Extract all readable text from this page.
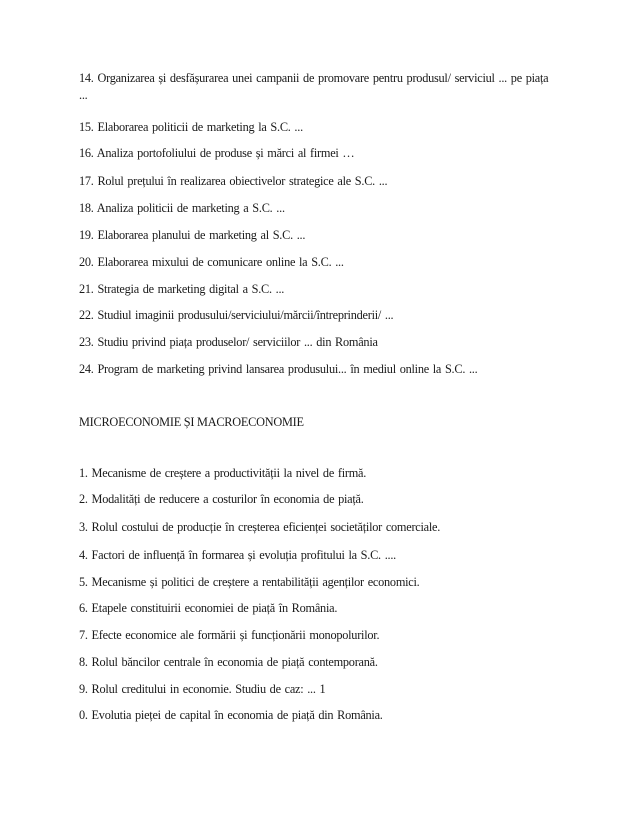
14. Organizarea și desfășurarea unei campanii de promovare pentru produsul/ serviciul ... pe piața ...
15. Elaborarea politicii de marketing la S.C. ...
16. Analiza portofoliului de produse și mărci al firmei …
17. Rolul prețului în realizarea obiectivelor strategice ale S.C. ...
18. Analiza politicii de marketing a S.C. ...
19. Elaborarea planului de marketing al S.C. ...
20. Elaborarea mixului de comunicare online la S.C. ...
21. Strategia de marketing digital a S.C. ...
22. Studiul imaginii produsului/serviciului/mărcii/întreprinderii/ ...
23. Studiu privind piața produselor/ serviciilor ... din România
24. Program de marketing privind lansarea produsului... în mediul online la S.C. ...
MICROECONOMIE ȘI MACROECONOMIE
1. Mecanisme de creștere a productivității la nivel de firmă.
2. Modalități de reducere a costurilor în economia de piață.
3. Rolul costului de producție în creșterea eficienței societăților comerciale.
4. Factori de influență în formarea și evoluția profitului la S.C. ....
5. Mecanisme și politici de creștere a rentabilității agenților economici.
6. Etapele constituirii economiei de piață în România.
7. Efecte economice ale formării și funcționării monopolurilor.
8. Rolul băncilor centrale în economia de piață contemporană.
9. Rolul creditului in economie. Studiu de caz: ... 1
0. Evolutia pieței de capital în economia de piață din România.
